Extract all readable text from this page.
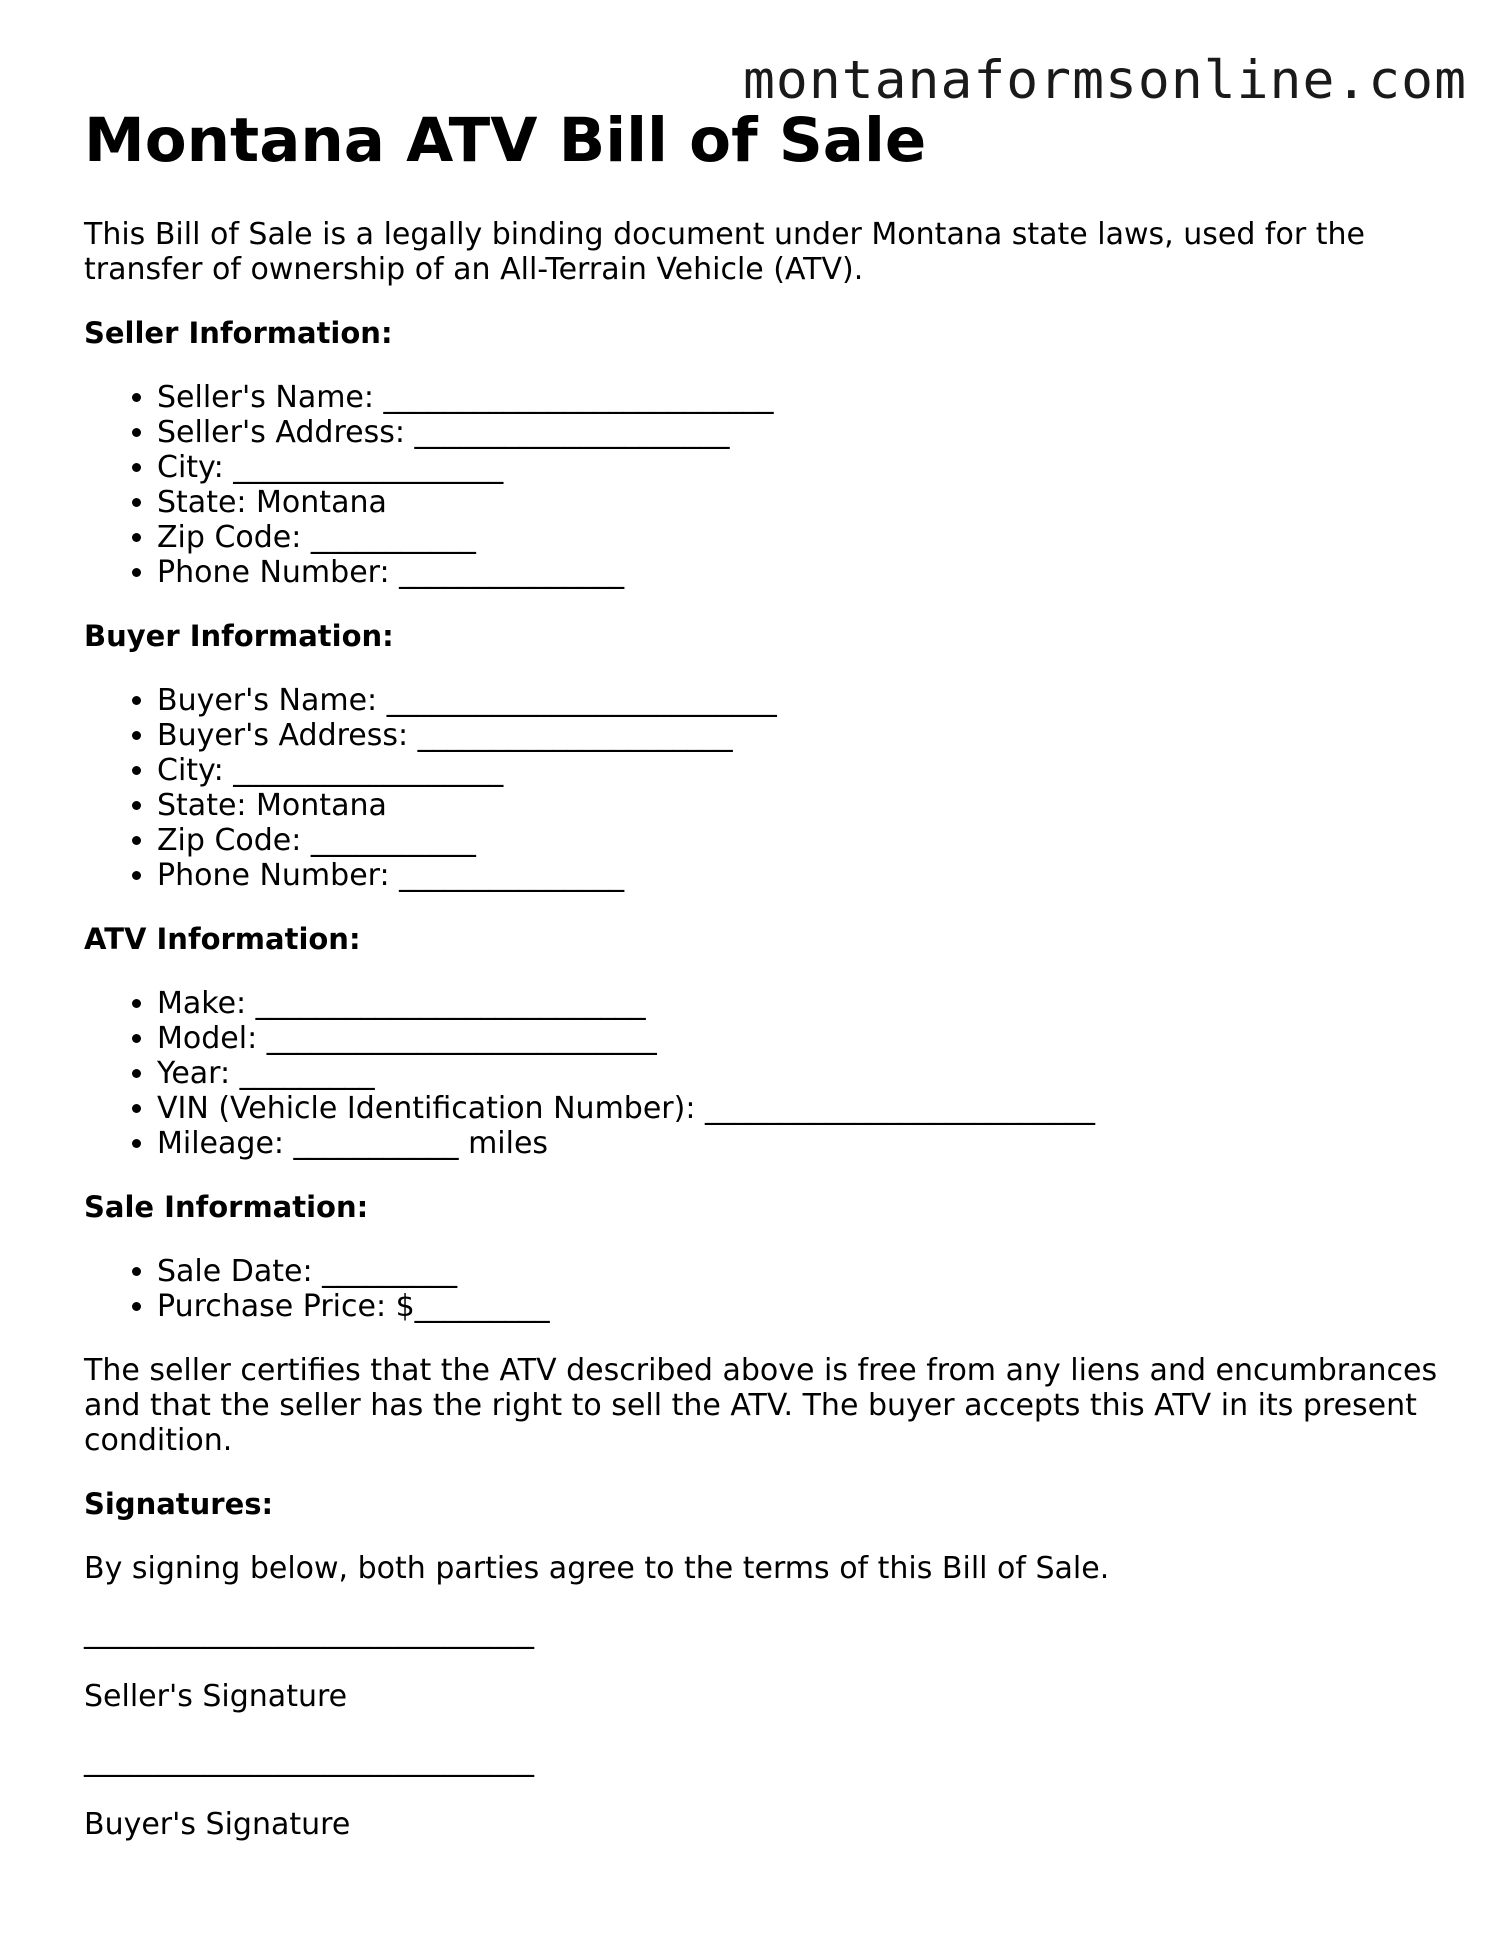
montanaformsonline.com
Montana ATV Bill of Sale

This Bill of Sale is a legally binding document under Montana state laws, used for the transfer of ownership of an All-Terrain Vehicle (ATV).

Seller Information:
• Seller's Name: __________________________
• Seller's Address: _____________________
• City: __________________
• State: Montana
• Zip Code: ___________
• Phone Number: _______________
Buyer Information:
• Buyer's Name: __________________________
• Buyer's Address: _____________________
• City: __________________
• State: Montana
• Zip Code: ___________
• Phone Number: _______________
ATV Information:
• Make: __________________________
• Model: __________________________
• Year: _________
• VIN (Vehicle Identification Number): __________________________
• Mileage: ___________ miles
Sale Information:
• Sale Date: _________
• Purchase Price: $_________

The seller certifies that the ATV described above is free from any liens and encumbrances and that the seller has the right to sell the ATV. The buyer accepts this ATV in its present condition.

Signatures:

By signing below, both parties agree to the terms of this Bill of Sale.

______________________________

Seller's Signature

______________________________

Buyer's Signature
